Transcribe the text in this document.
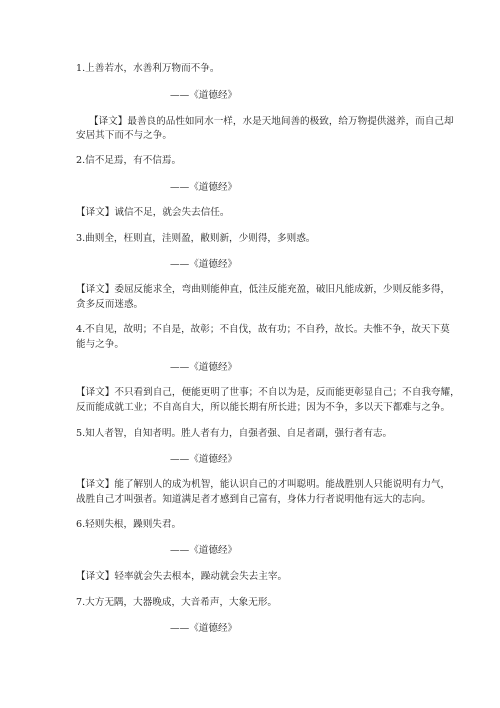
1.上善若水，水善利万物而不争。
——《道德经》
【译文】最善良的品性如同水一样，水是天地间善的极致，给万物提供滋养，而自己却
安居其下而不与之争。
2.信不足焉，有不信焉。
——《道德经》
【译文】诚信不足，就会失去信任。
3.曲则全，枉则直，洼则盈，敝则新，少则得，多则惑。
——《道德经》
【译文】委屈反能求全，弯曲则能伸直，低洼反能充盈，破旧凡能成新，少则反能多得，
贪多反而迷惑。
4.不自见，故明；不自是，故彰；不自伐，故有功；不自矜，故长。夫惟不争，故天下莫
能与之争。
——《道德经》
【译文】不只看到自己，便能更明了世事；不自以为是，反而能更彰显自己；不自我夸耀，
反而能成就工业；不自高自大，所以能长期有所长进；因为不争，多以天下都难与之争。
5.知人者智，自知者明。胜人者有力，自强者强、自足者副，强行者有志。
——《道德经》
【译文】能了解别人的成为机智，能认识自己的才叫聪明。能战胜别人只能说明有力气，
战胜自己才叫强者。知道满足者才感到自己富有，身体力行者说明他有远大的志向。
6.轻则失根，躁则失君。
——《道德经》
【译文】轻率就会失去根本，躁动就会失去主宰。
7.大方无隅，大器晚成，大音希声，大象无形。
——《道德经》
